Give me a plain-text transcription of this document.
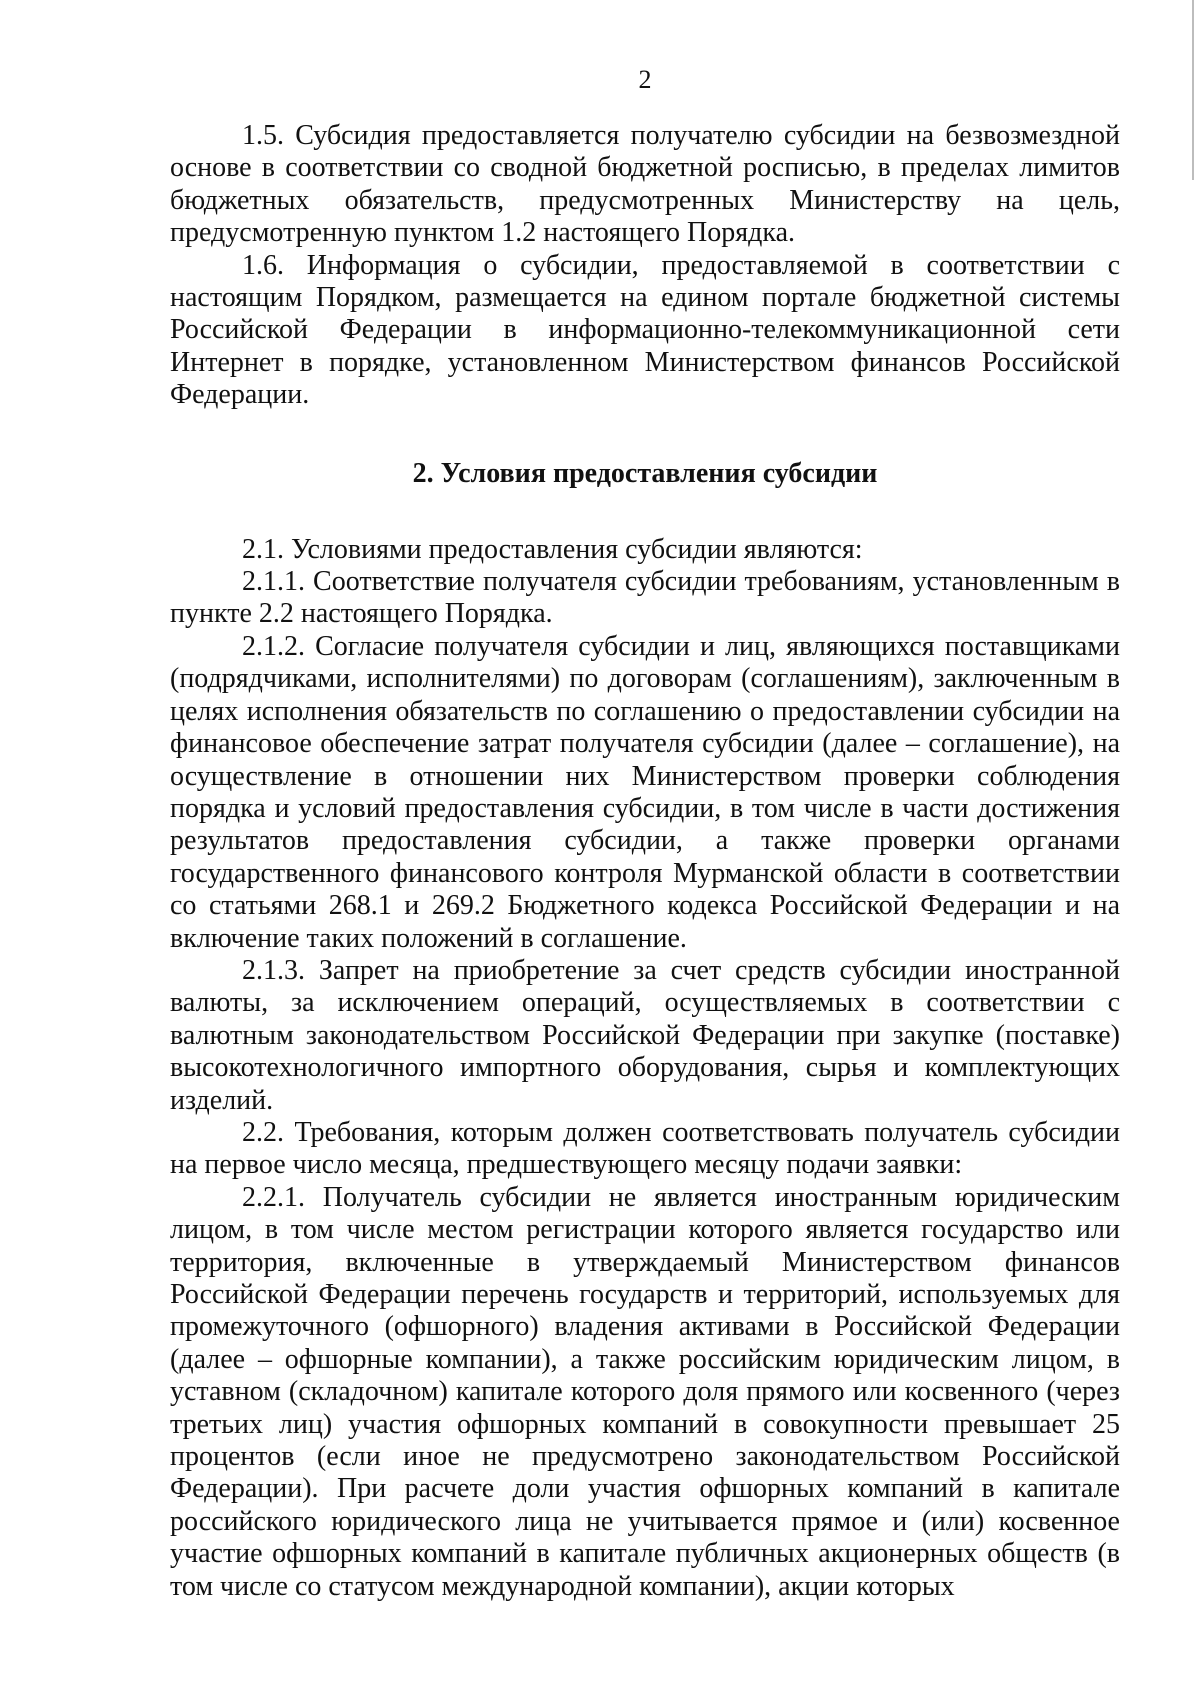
2

1.5. Субсидия предоставляется получателю субсидии на безвозмездной основе в соответствии со сводной бюджетной росписью, в пределах лимитов бюджетных обязательств, предусмотренных Министерству на цель, предусмотренную пунктом 1.2 настоящего Порядка.

1.6. Информация о субсидии, предоставляемой в соответствии с настоящим Порядком, размещается на едином портале бюджетной системы Российской Федерации в информационно-телекоммуникационной сети Интернет в порядке, установленном Министерством финансов Российской Федерации.

2. Условия предоставления субсидии

2.1. Условиями предоставления субсидии являются:

2.1.1. Соответствие получателя субсидии требованиям, установленным в пункте 2.2 настоящего Порядка.

2.1.2. Согласие получателя субсидии и лиц, являющихся поставщиками (подрядчиками, исполнителями) по договорам (соглашениям), заключенным в целях исполнения обязательств по соглашению о предоставлении субсидии на финансовое обеспечение затрат получателя субсидии (далее – соглашение), на осуществление в отношении них Министерством проверки соблюдения порядка и условий предоставления субсидии, в том числе в части достижения результатов предоставления субсидии, а также проверки органами государственного финансового контроля Мурманской области в соответствии со статьями 268.1 и 269.2 Бюджетного кодекса Российской Федерации и на включение таких положений в соглашение.

2.1.3. Запрет на приобретение за счет средств субсидии иностранной валюты, за исключением операций, осуществляемых в соответствии с валютным законодательством Российской Федерации при закупке (поставке) высокотехнологичного импортного оборудования, сырья и комплектующих изделий.

2.2. Требования, которым должен соответствовать получатель субсидии на первое число месяца, предшествующего месяцу подачи заявки:

2.2.1. Получатель субсидии не является иностранным юридическим лицом, в том числе местом регистрации которого является государство или территория, включенные в утверждаемый Министерством финансов Российской Федерации перечень государств и территорий, используемых для промежуточного (офшорного) владения активами в Российской Федерации (далее – офшорные компании), а также российским юридическим лицом, в уставном (складочном) капитале которого доля прямого или косвенного (через третьих лиц) участия офшорных компаний в совокупности превышает 25 процентов (если иное не предусмотрено законодательством Российской Федерации). При расчете доли участия офшорных компаний в капитале российского юридического лица не учитывается прямое и (или) косвенное участие офшорных компаний в капитале публичных акционерных обществ (в том числе со статусом международной компании), акции которых
